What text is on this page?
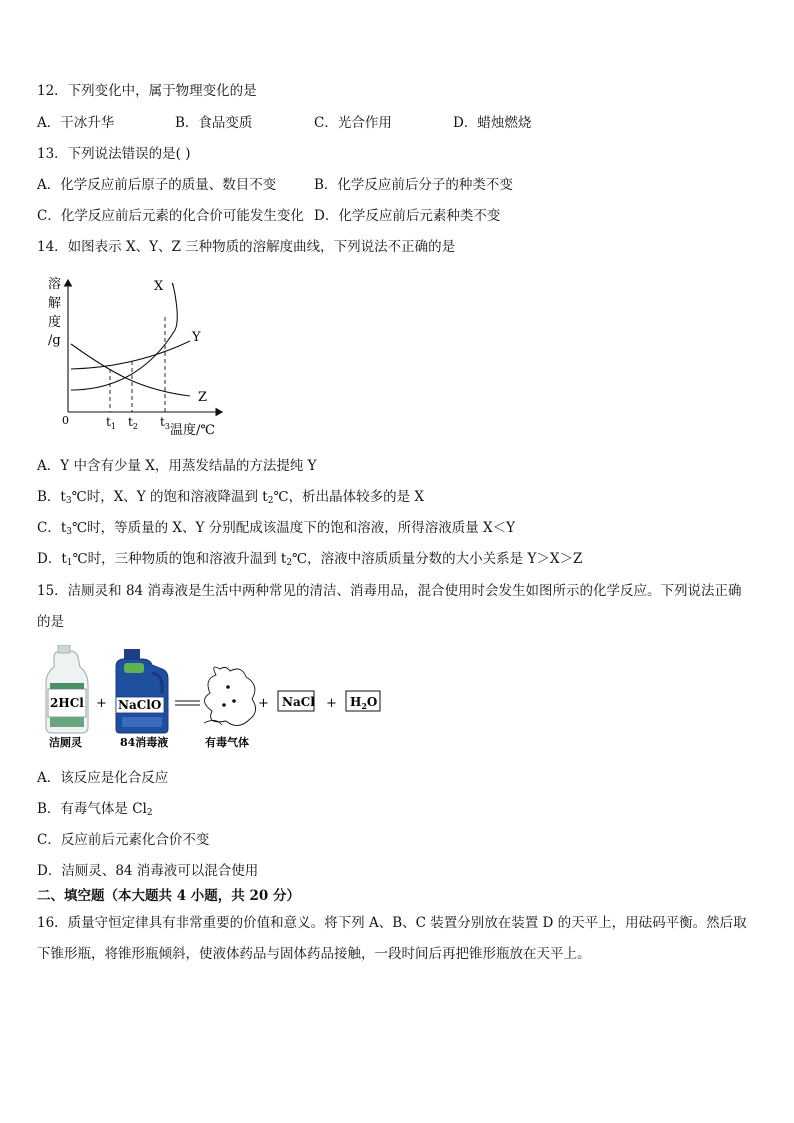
12．下列变化中，属于物理变化的是
A．干冰升华	B．食品变质	C．光合作用	D．蜡烛燃烧
13．下列说法错误的是( )
A．化学反应前后原子的质量、数目不变	B．化学反应前后分子的种类不变
C．化学反应前后元素的化合价可能发生变化 D．化学反应前后元素种类不变
14．如图表示 X、Y、Z 三种物质的溶解度曲线，下列说法不正确的是
溶
解
度
/g
0
X
Y
Z
$t_1$ $t_2$ $t_3$ 温度/℃
A．Y 中含有少量 X，用蒸发结晶的方法提纯 Y
B．$t_3℃$时，X、Y 的饱和溶液降温到 $t_2℃$，析出晶体较多的是 X
C．$t_3℃$时，等质量的 X、Y 分别配成该温度下的饱和溶液，所得溶液质量 X＜Y
D．$t_1℃$时，三种物质的饱和溶液升温到 $t_2℃$，溶液中溶质质量分数的大小关系是 Y＞X＞Z
15．洁厕灵和 84 消毒液是生活中两种常见的清洁、消毒用品，混合使用时会发生如图所示的化学反应。下列说法正确
的是
2HCl
洁厕灵
+ NaClO
84消毒液	有毒气体
+ NaCl + $H_2O$
A．该反应是化合反应
B．有毒气体是 $Cl_2$
C．反应前后元素化合价不变
D．洁厕灵、84 消毒液可以混合使用
二、填空题（本大题共 4 小题，共 20 分）
16．质量守恒定律具有非常重要的价值和意义。将下列 A、B、C 装置分别放在装置 D 的天平上，用砝码平衡。然后取
下锥形瓶，将锥形瓶倾斜，使液体药品与固体药品接触，一段时间后再把锥形瓶放在天平上。
